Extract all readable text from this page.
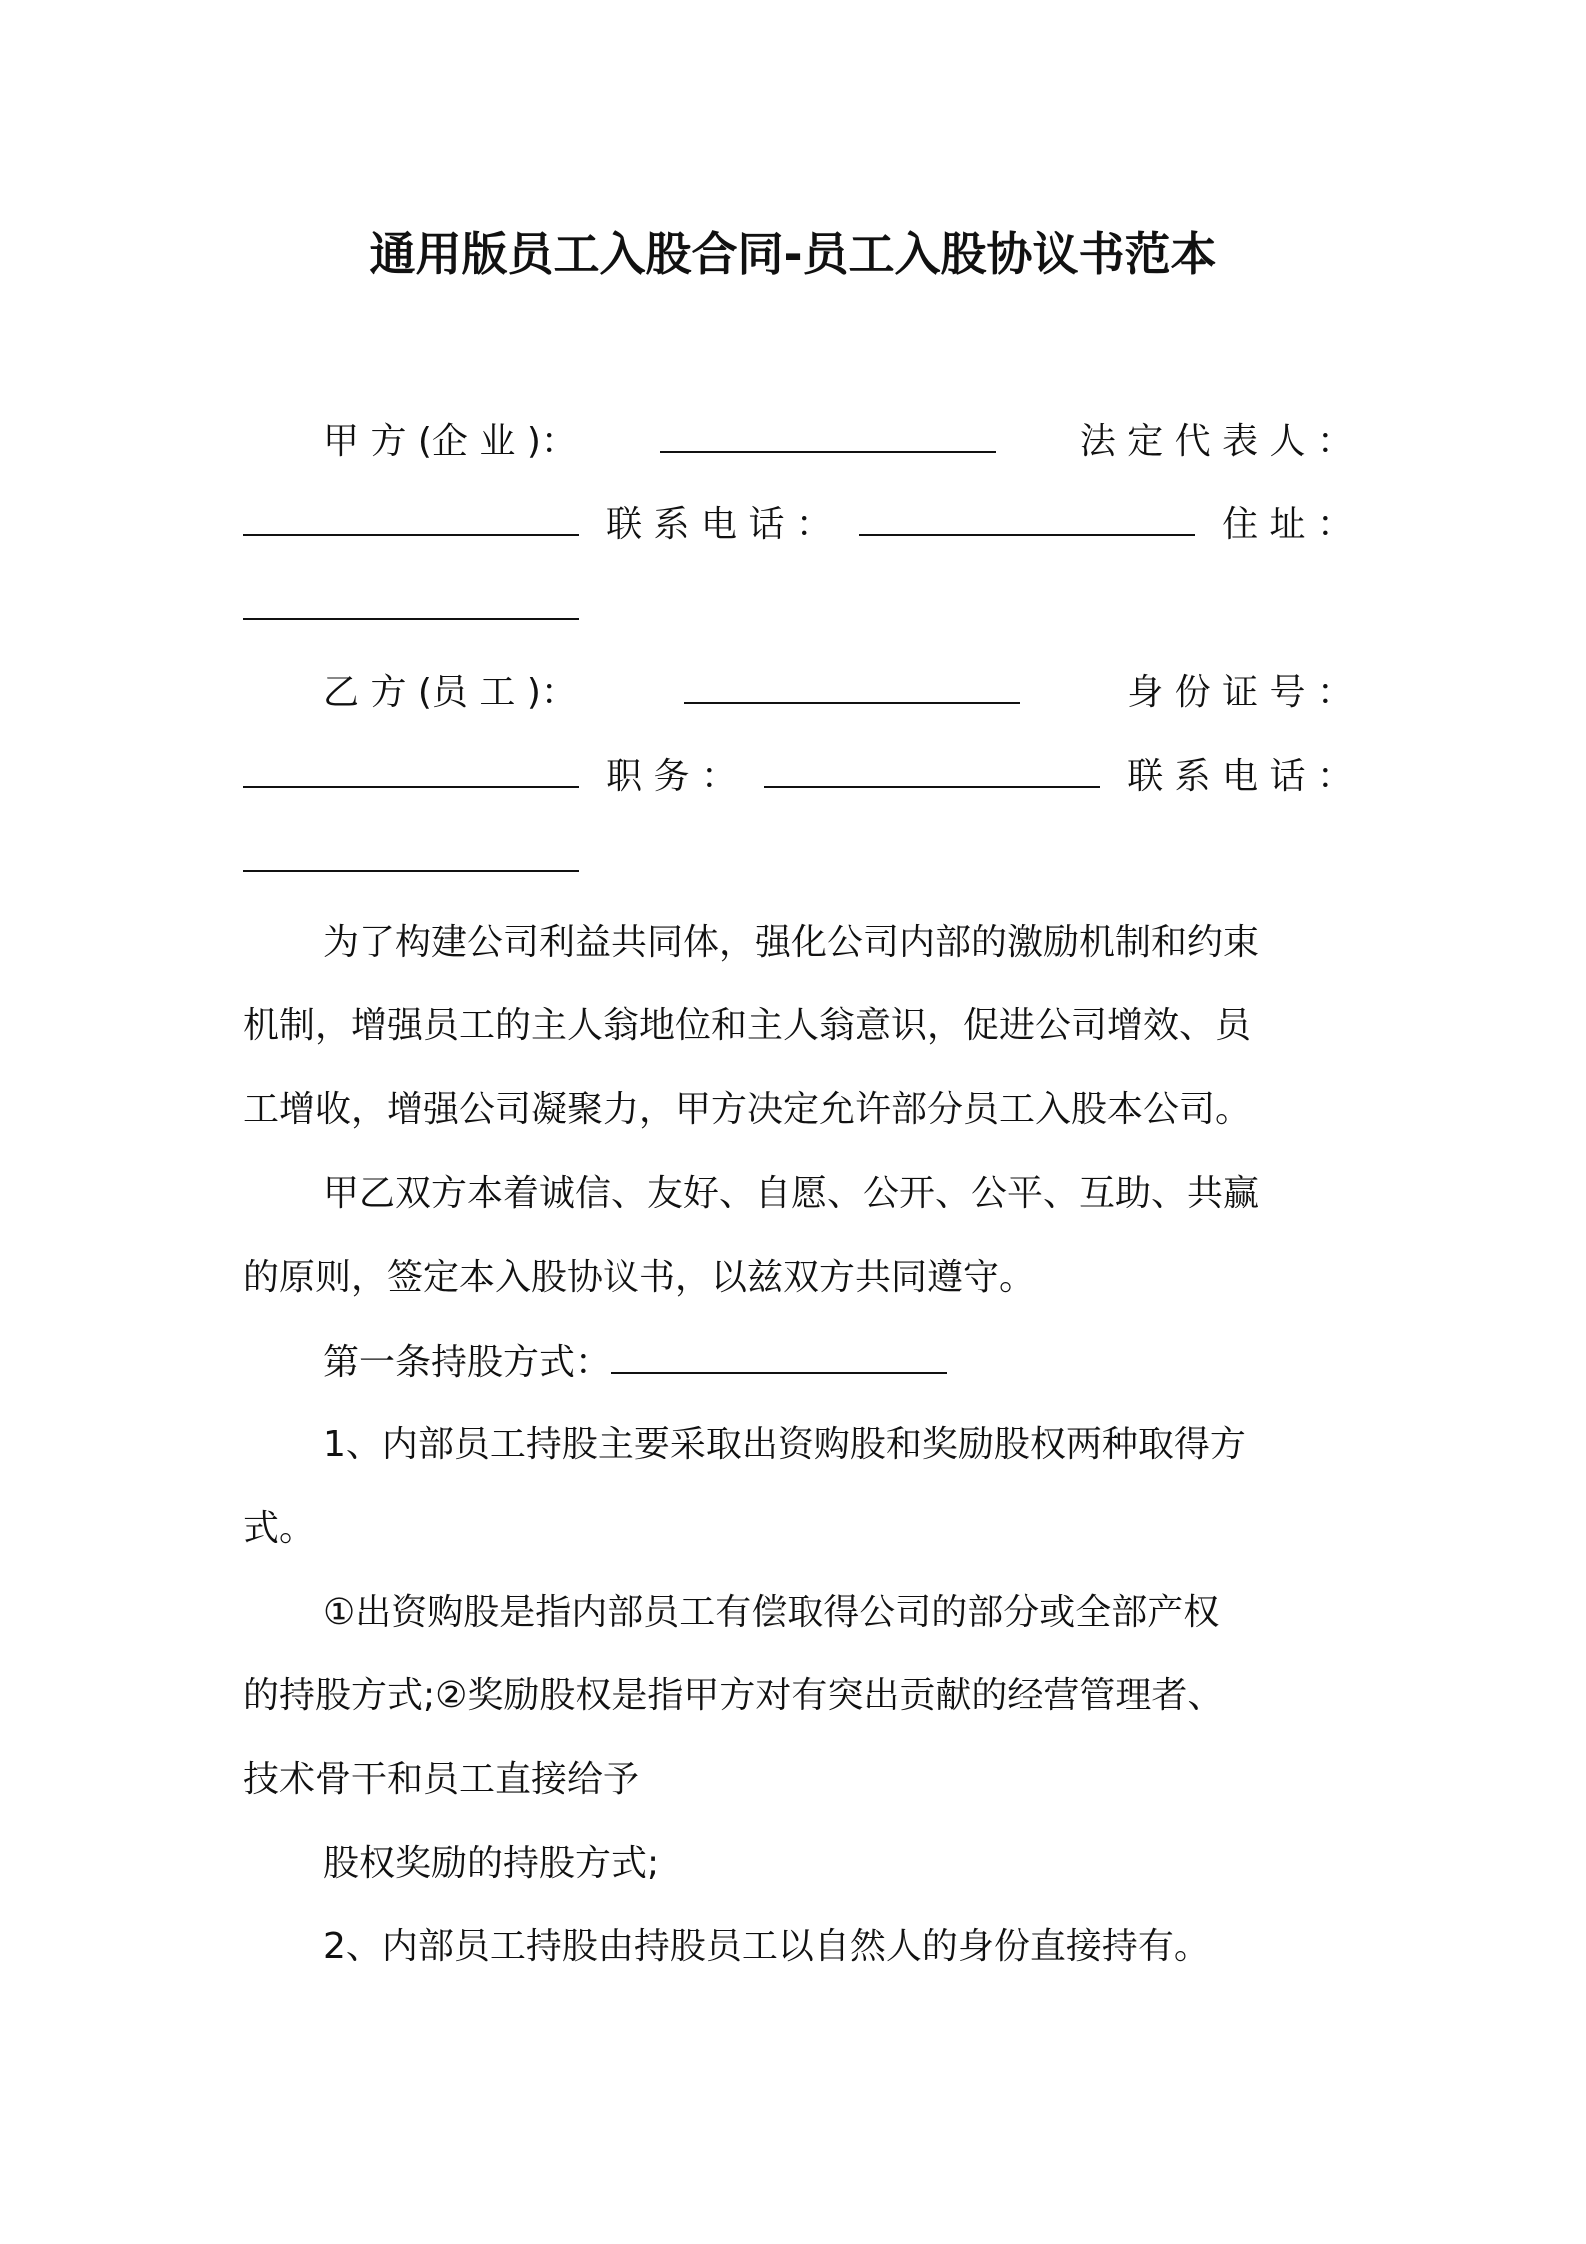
通用版员工入股合同-员工入股协议书范本
甲 方 (企 业 )：	法 定 代 表 人 ：
联 系 电 话 ：	住 址 ：
乙 方 (员 工 )：	身 份 证 号 ：
职 务 ：	联 系 电 话 ：
为了构建公司利益共同体，强化公司内部的激励机制和约束
机制，增强员工的主人翁地位和主人翁意识，促进公司增效、员
工增收，增强公司凝聚力，甲方决定允许部分员工入股本公司。
甲乙双方本着诚信、友好、自愿、公开、公平、互助、共赢
的原则，签定本入股协议书，以兹双方共同遵守。
第一条持股方式：
1、内部员工持股主要采取出资购股和奖励股权两种取得方
式。
①出资购股是指内部员工有偿取得公司的部分或全部产权
的持股方式;②奖励股权是指甲方对有突出贡献的经营管理者、
技术骨干和员工直接给予
股权奖励的持股方式;
2、内部员工持股由持股员工以自然人的身份直接持有。
